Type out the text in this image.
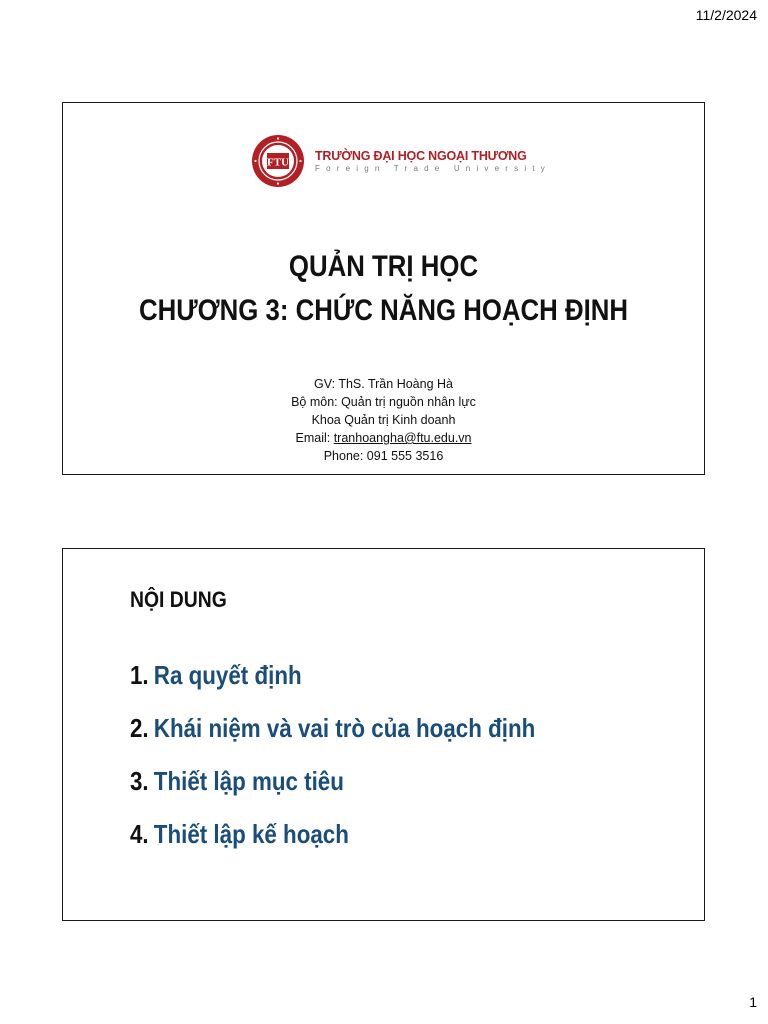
11/2/2024
FTU TRƯỜNG ĐẠI HỌC NGOẠI THƯƠNG
Foreign Trade University
QUẢN TRỊ HỌC
CHƯƠNG 3: CHỨC NĂNG HOẠCH ĐỊNH
GV: ThS. Trần Hoàng Hà
Bộ môn: Quản trị nguồn nhân lực
Khoa Quản trị Kinh doanh
Email: tranhoangha@ftu.edu.vn
Phone: 091 555 3516
NỘI DUNG
1. Ra quyết định
2. Khái niệm và vai trò của hoạch định
3. Thiết lập mục tiêu
4. Thiết lập kế hoạch
1
